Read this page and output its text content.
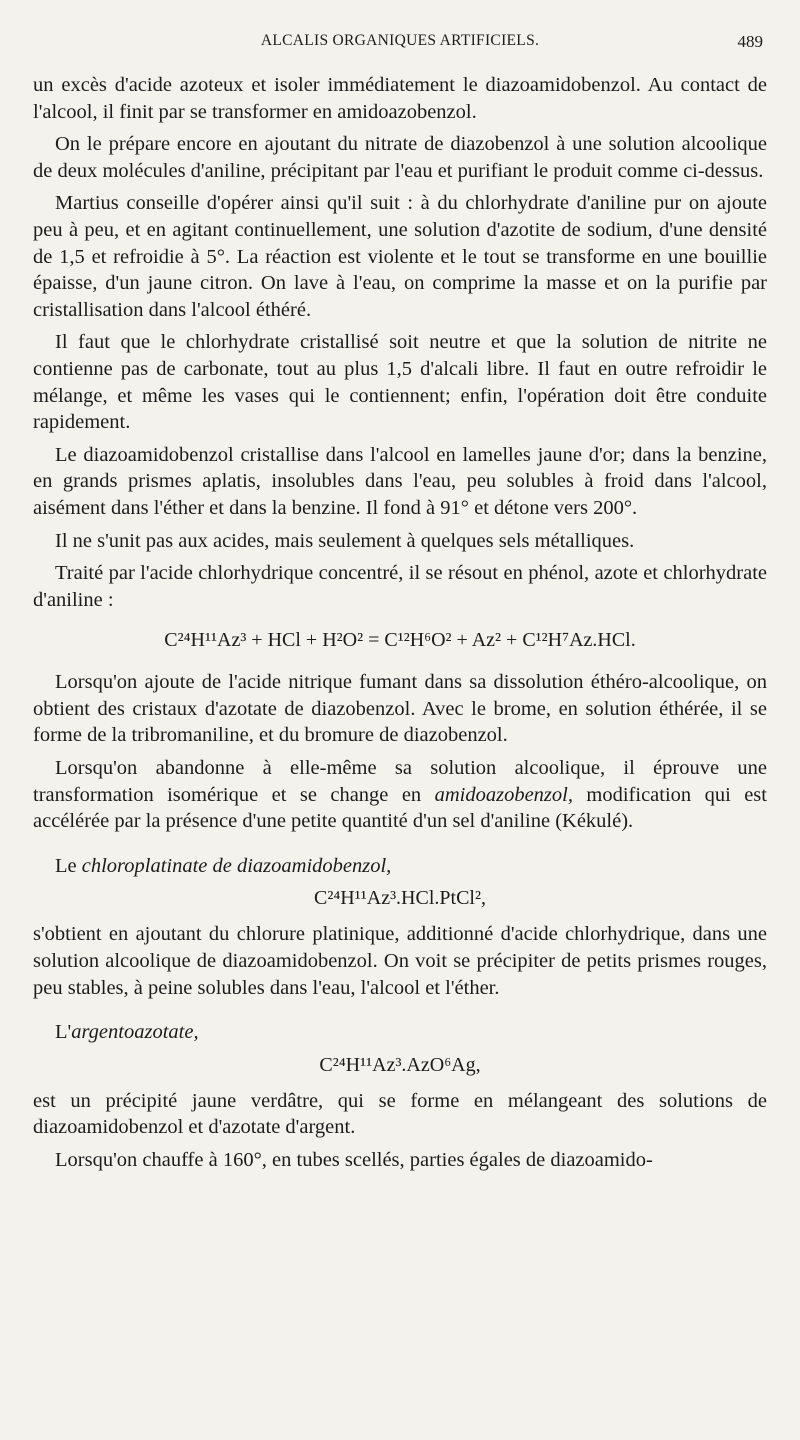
ALCALIS ORGANIQUES ARTIFICIELS.	489

un excès d'acide azoteux et isoler immédiatement le diazoamidobenzol. Au contact de l'alcool, il finit par se transformer en amidoazobenzol.

On le prépare encore en ajoutant du nitrate de diazobenzol à une solution alcoolique de deux molécules d'aniline, précipitant par l'eau et purifiant le produit comme ci-dessus.

Martius conseille d'opérer ainsi qu'il suit : à du chlorhydrate d'aniline pur on ajoute peu à peu, et en agitant continuellement, une solution d'azotite de sodium, d'une densité de 1,5 et refroidie à 5°. La réaction est violente et le tout se transforme en une bouillie épaisse, d'un jaune citron. On lave à l'eau, on comprime la masse et on la purifie par cristallisation dans l'alcool éthéré.

Il faut que le chlorhydrate cristallisé soit neutre et que la solution de nitrite ne contienne pas de carbonate, tout au plus 1,5 d'alcali libre. Il faut en outre refroidir le mélange, et même les vases qui le contiennent; enfin, l'opération doit être conduite rapidement.

Le diazoamidobenzol cristallise dans l'alcool en lamelles jaune d'or; dans la benzine, en grands prismes aplatis, insolubles dans l'eau, peu solubles à froid dans l'alcool, aisément dans l'éther et dans la benzine. Il fond à 91° et détone vers 200°.

Il ne s'unit pas aux acides, mais seulement à quelques sels métalliques.

Traité par l'acide chlorhydrique concentré, il se résout en phénol, azote et chlorhydrate d'aniline :

C²⁴H¹¹Az³ + HCl + H²O² = C¹²H⁶O² + Az² + C¹²H⁷Az.HCl.

Lorsqu'on ajoute de l'acide nitrique fumant dans sa dissolution éthéro-alcoolique, on obtient des cristaux d'azotate de diazobenzol. Avec le brome, en solution éthérée, il se forme de la tribromaniline, et du bromure de diazobenzol.

Lorsqu'on abandonne à elle-même sa solution alcoolique, il éprouve une transformation isomérique et se change en amidoazobenzol, modification qui est accélérée par la présence d'une petite quantité d'un sel d'aniline (Kékulé).

Le chloroplatinate de diazoamidobenzol,

C²⁴H¹¹Az³.HCl.PtCl²,

s'obtient en ajoutant du chlorure platinique, additionné d'acide chlorhydrique, dans une solution alcoolique de diazoamidobenzol. On voit se précipiter de petits prismes rouges, peu stables, à peine solubles dans l'eau, l'alcool et l'éther.

L'argentoazotate,

C²⁴H¹¹Az³.AzO⁶Ag,

est un précipité jaune verdâtre, qui se forme en mélangeant des solutions de diazoamidobenzol et d'azotate d'argent.

Lorsqu'on chauffe à 160°, en tubes scellés, parties égales de diazoamido-
